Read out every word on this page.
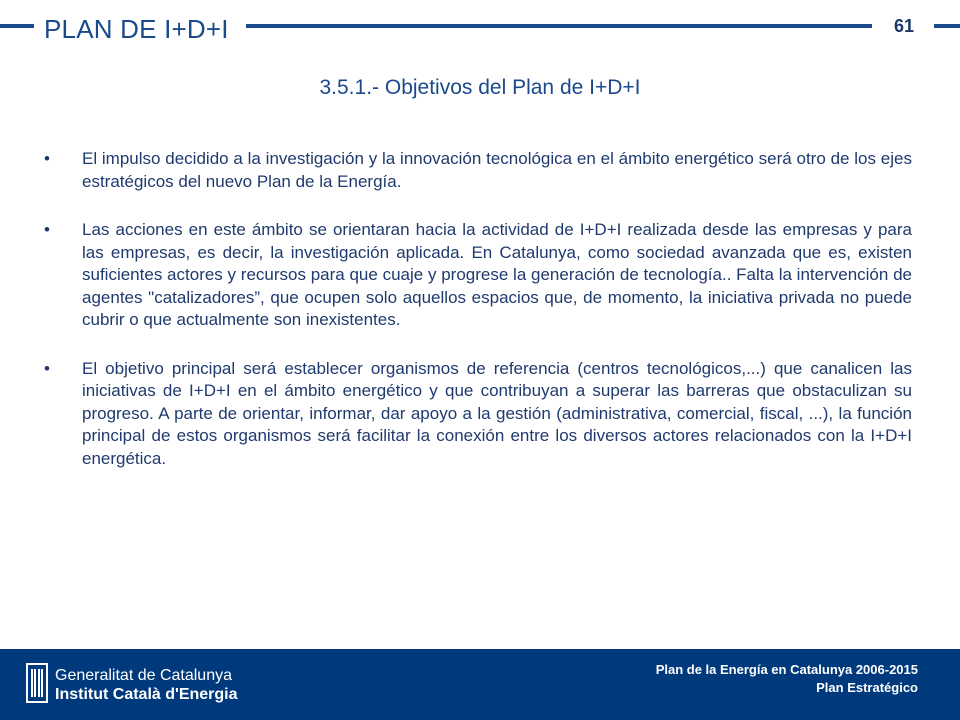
PLAN DE I+D+I	61
3.5.1.- Objetivos del Plan de I+D+I
• El impulso decidido a la investigación y la innovación tecnológica en el ámbito energético será otro de los ejes estratégicos del nuevo Plan de la Energía.
• Las acciones en este ámbito se orientaran hacia la actividad de I+D+I realizada desde las empresas y para las empresas, es decir, la investigación aplicada. En Catalunya, como sociedad avanzada que es, existen suficientes actores y recursos para que cuaje y progrese la generación de tecnología.. Falta la intervención de agentes "catalizadores”, que ocupen solo aquellos espacios que, de momento, la iniciativa privada no puede cubrir o que actualmente son inexistentes.
• El objetivo principal será establecer organismos de referencia (centros tecnológicos,...) que canalicen las iniciativas de I+D+I en el ámbito energético y que contribuyan a superar las barreras que obstaculizan su progreso. A parte de orientar, informar, dar apoyo a la gestión (administrativa, comercial, fiscal, ...), la función principal de estos organismos será facilitar la conexión entre los diversos actores relacionados con la I+D+I energética.
Generalitat de Catalunya
Institut Català d'Energia
Plan de la Energía en Catalunya 2006-2015
Plan Estratégico
